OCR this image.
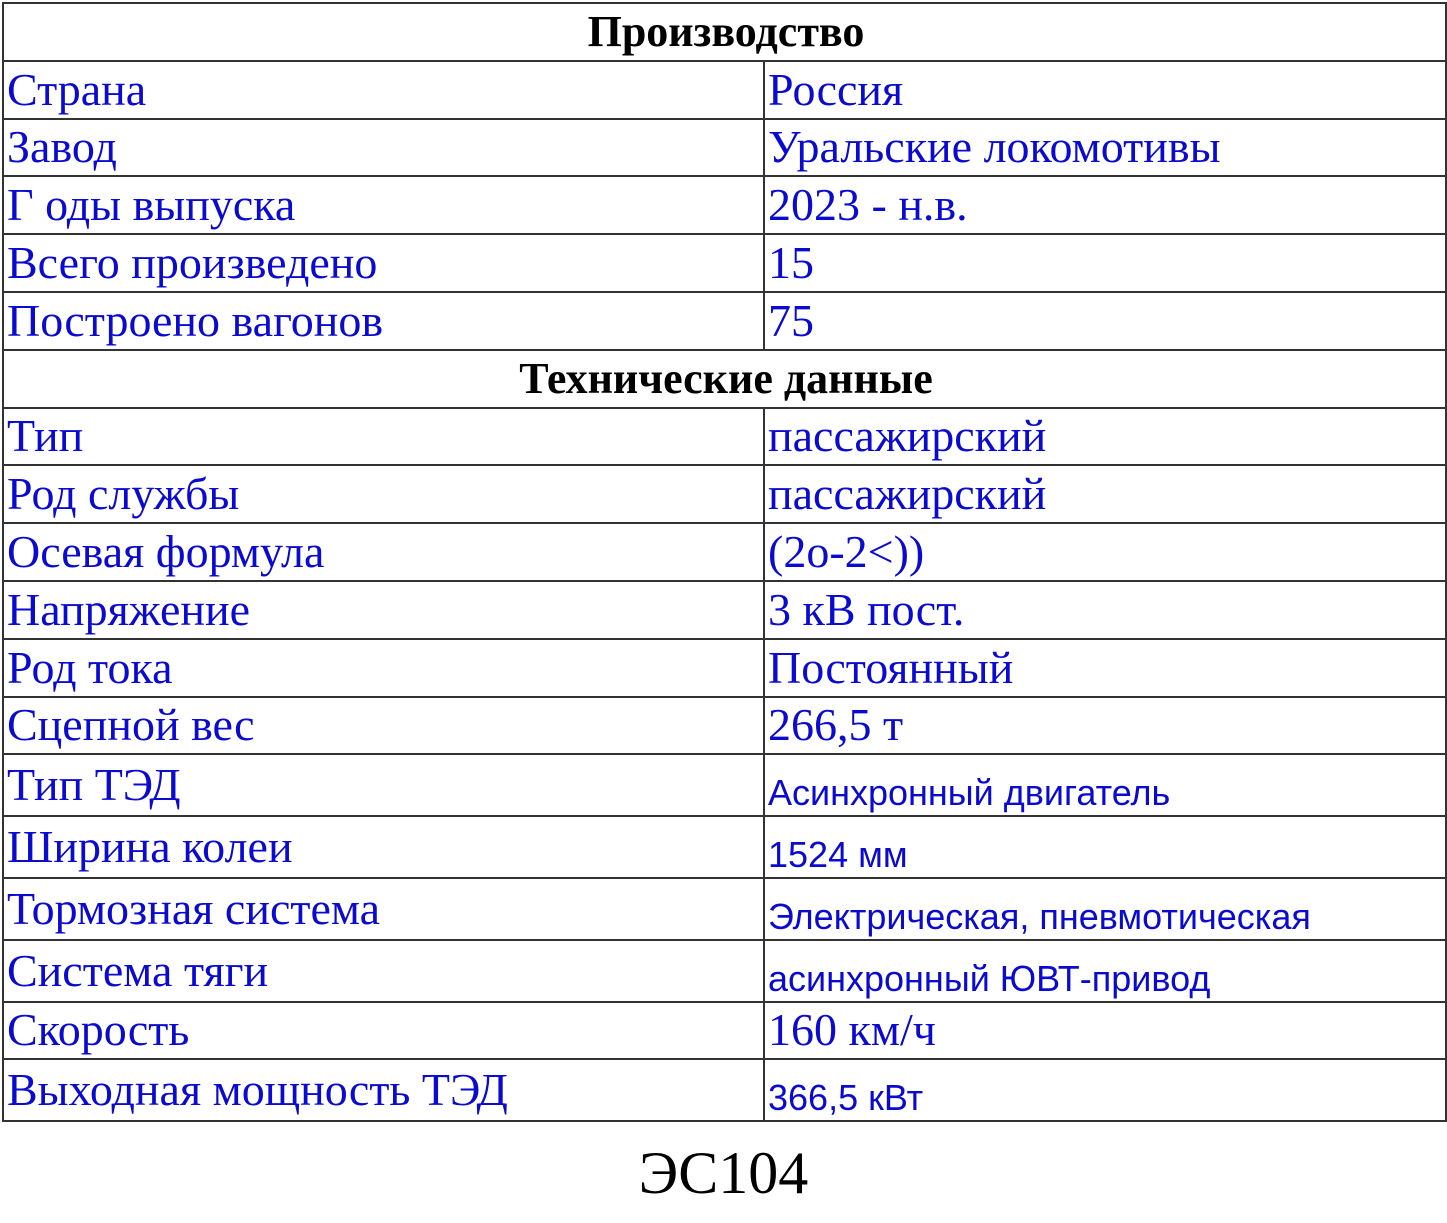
Производство	
Страна	Россия
Завод	Уральские локомотивы
Г оды выпуска	2023 - н.в.
Всего произведено	15
Построено вагонов	75
Технические данные	
Тип	пассажирский
Род службы	пассажирский
Осевая формула	(2о-2<))
Напряжение	3 кВ пост.
Род тока	Постоянный
Сцепной вес	266,5 т
Тип ТЭД	Асинхронный двигатель
Ширина колеи	1524 мм
Тормозная система	Электрическая, пневмотическая
Система тяги	асинхронный ЮВТ-привод
Скорость	160 км/ч
Выходная мощность ТЭД	366,5 кВт
ЭС104
